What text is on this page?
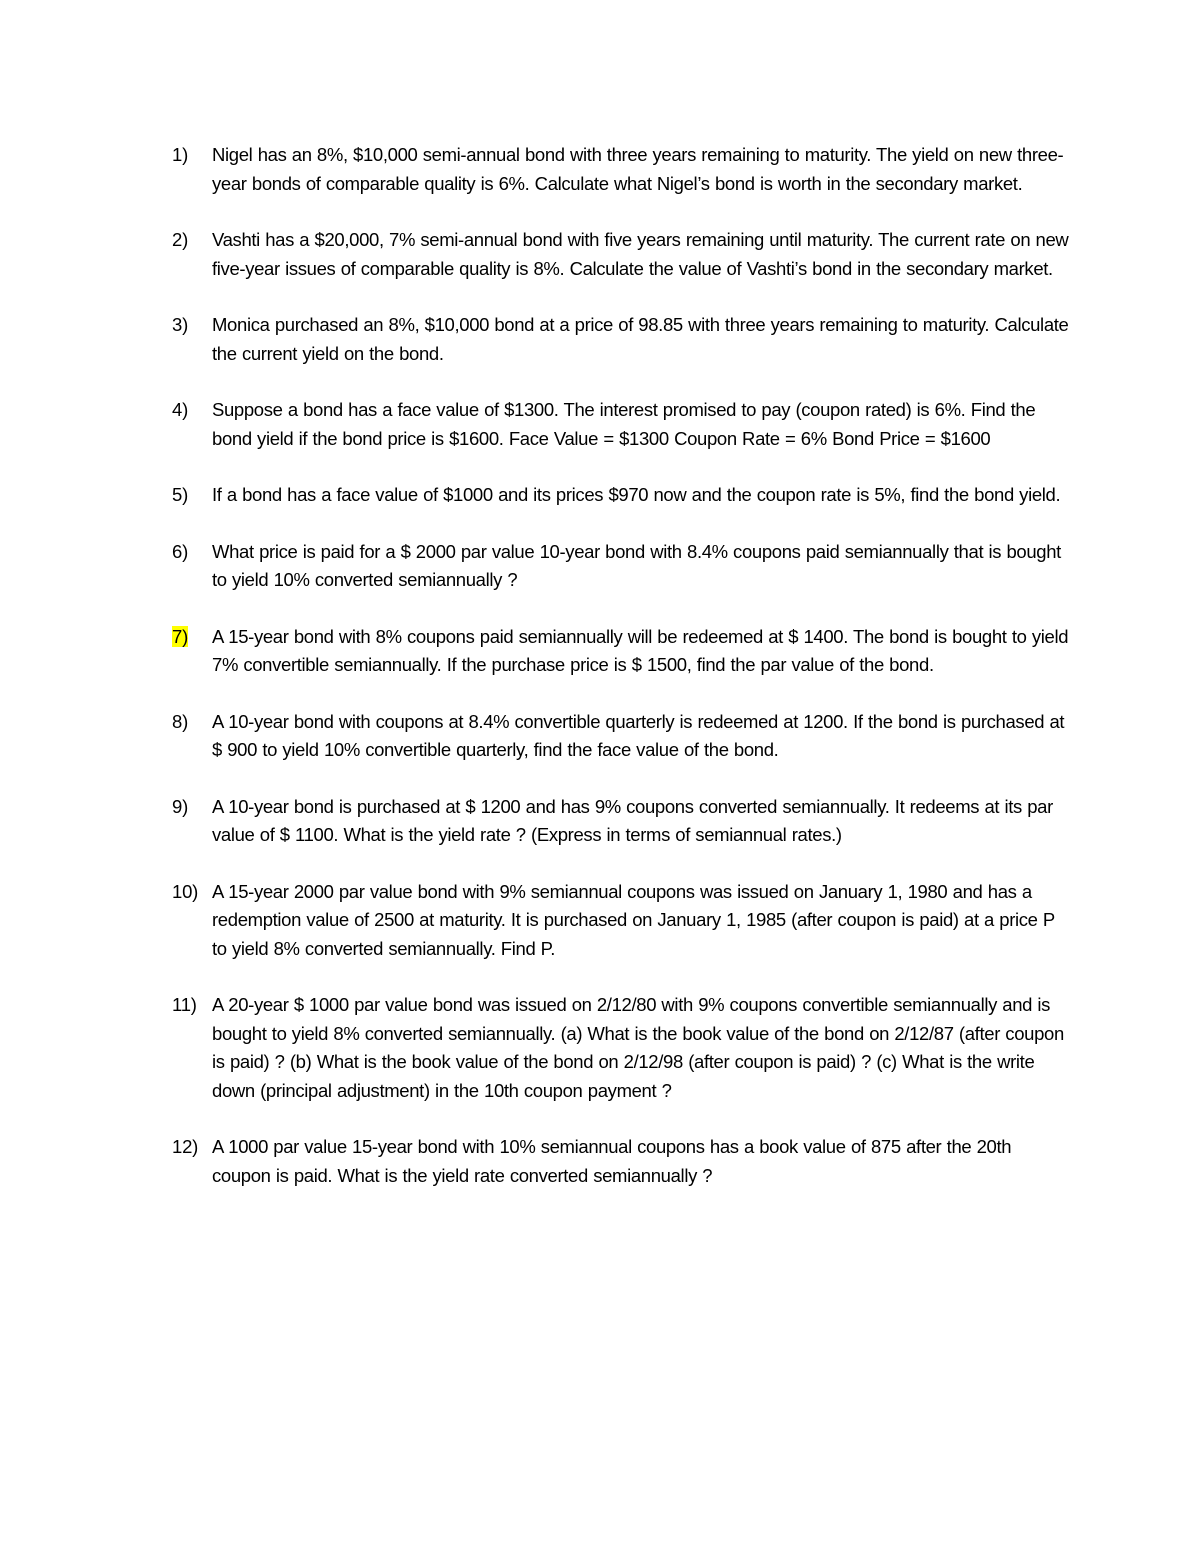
1)	Nigel has an 8%, $10,000 semi-annual bond with three years remaining to maturity. The yield on new three-year bonds of comparable quality is 6%. Calculate what Nigel’s bond is worth in the secondary market.
2)	Vashti has a $20,000, 7% semi-annual bond with five years remaining until maturity. The current rate on new five-year issues of comparable quality is 8%. Calculate the value of Vashti’s bond in the secondary market.
3)	Monica purchased an 8%, $10,000 bond at a price of 98.85 with three years remaining to maturity. Calculate the current yield on the bond.
4)	Suppose a bond has a face value of $1300. The interest promised to pay (coupon rated) is 6%. Find the bond yield if the bond price is $1600. Face Value = $1300 Coupon Rate = 6% Bond Price = $1600
5)	If a bond has a face value of $1000 and its prices $970 now and the coupon rate is 5%, find the bond yield.
6)	What price is paid for a $ 2000 par value 10-year bond with 8.4% coupons paid semiannually that is bought to yield 10% converted semiannually ?
7)	A 15-year bond with 8% coupons paid semiannually will be redeemed at $ 1400. The bond is bought to yield 7% convertible semiannually. If the purchase price is $ 1500, find the par value of the bond.
8)	A 10-year bond with coupons at 8.4% convertible quarterly is redeemed at 1200. If the bond is purchased at $ 900 to yield 10% convertible quarterly, find the face value of the bond.
9)	A 10-year bond is purchased at $ 1200 and has 9% coupons converted semiannually. It redeems at its par value of $ 1100. What is the yield rate ? (Express in terms of semiannual rates.)
10) A 15-year 2000 par value bond with 9% semiannual coupons was issued on January 1, 1980 and has a redemption value of 2500 at maturity. It is purchased on January 1, 1985 (after coupon is paid) at a price P to yield 8% converted semiannually. Find P.
11) A 20-year $ 1000 par value bond was issued on 2/12/80 with 9% coupons convertible semiannually and is bought to yield 8% converted semiannually. (a) What is the book value of the bond on 2/12/87 (after coupon is paid) ? (b) What is the book value of the bond on 2/12/98 (after coupon is paid) ? (c) What is the write down (principal adjustment) in the 10th coupon payment ?
12) A 1000 par value 15-year bond with 10% semiannual coupons has a book value of 875 after the 20th coupon is paid. What is the yield rate converted semiannually ?
